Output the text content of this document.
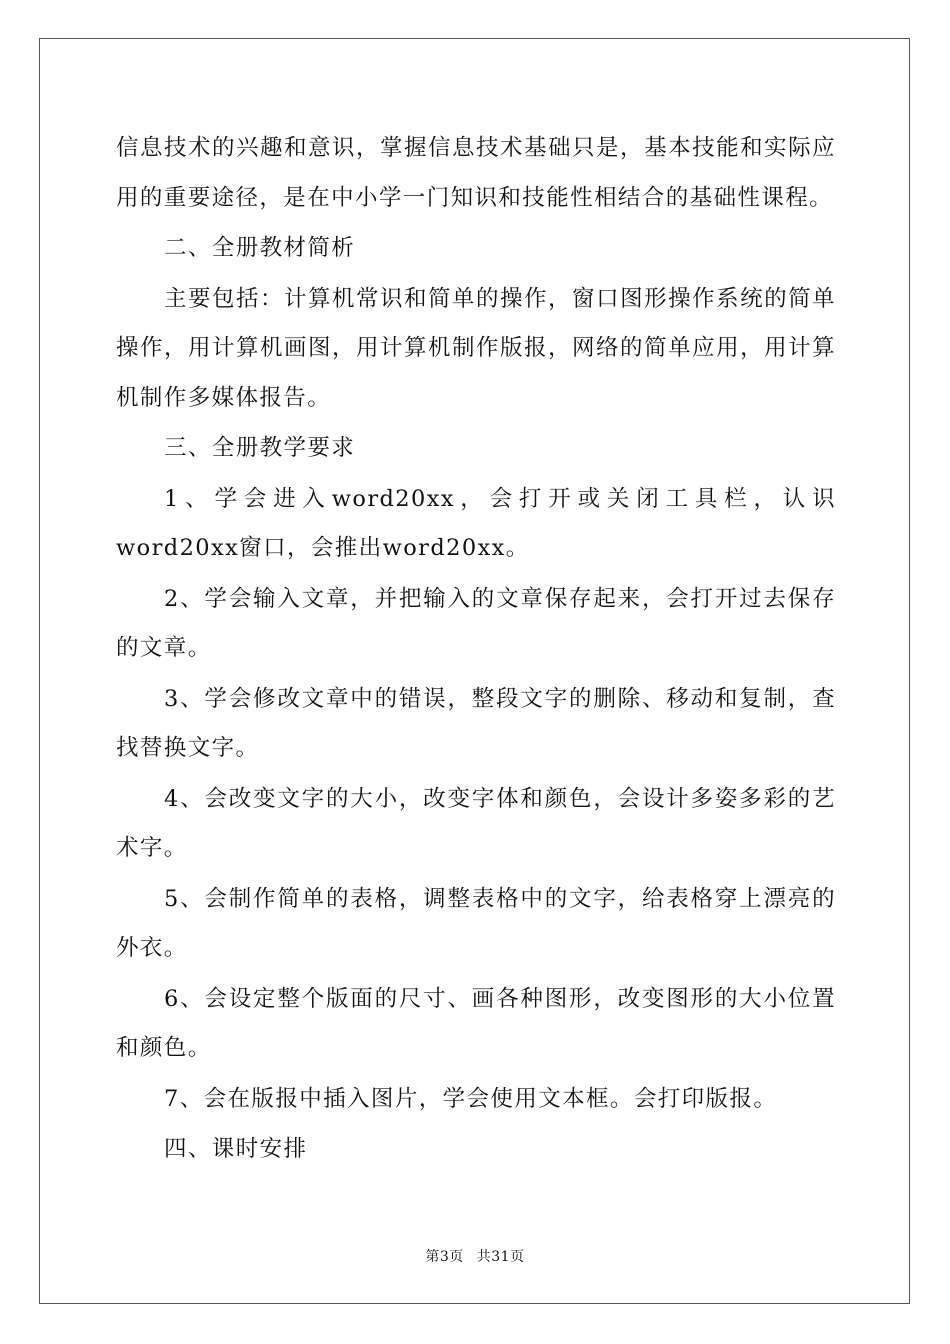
信息技术的兴趣和意识，掌握信息技术基础只是，基本技能和实际应用的重要途径，是在中小学一门知识和技能性相结合的基础性课程。

二、全册教材简析

主要包括：计算机常识和简单的操作，窗口图形操作系统的简单操作，用计算机画图，用计算机制作版报，网络的简单应用，用计算机制作多媒体报告。

三、全册教学要求

1、学会进入word20xx，会打开或关闭工具栏，认识word20xx窗口，会推出word20xx。

2、学会输入文章，并把输入的文章保存起来，会打开过去保存的文章。

3、学会修改文章中的错误，整段文字的删除、移动和复制，查找替换文字。

4、会改变文字的大小，改变字体和颜色，会设计多姿多彩的艺术字。

5、会制作简单的表格，调整表格中的文字，给表格穿上漂亮的外衣。

6、会设定整个版面的尺寸、画各种图形，改变图形的大小位置和颜色。

7、会在版报中插入图片，学会使用文本框。会打印版报。

四、课时安排

第3页 共31页
